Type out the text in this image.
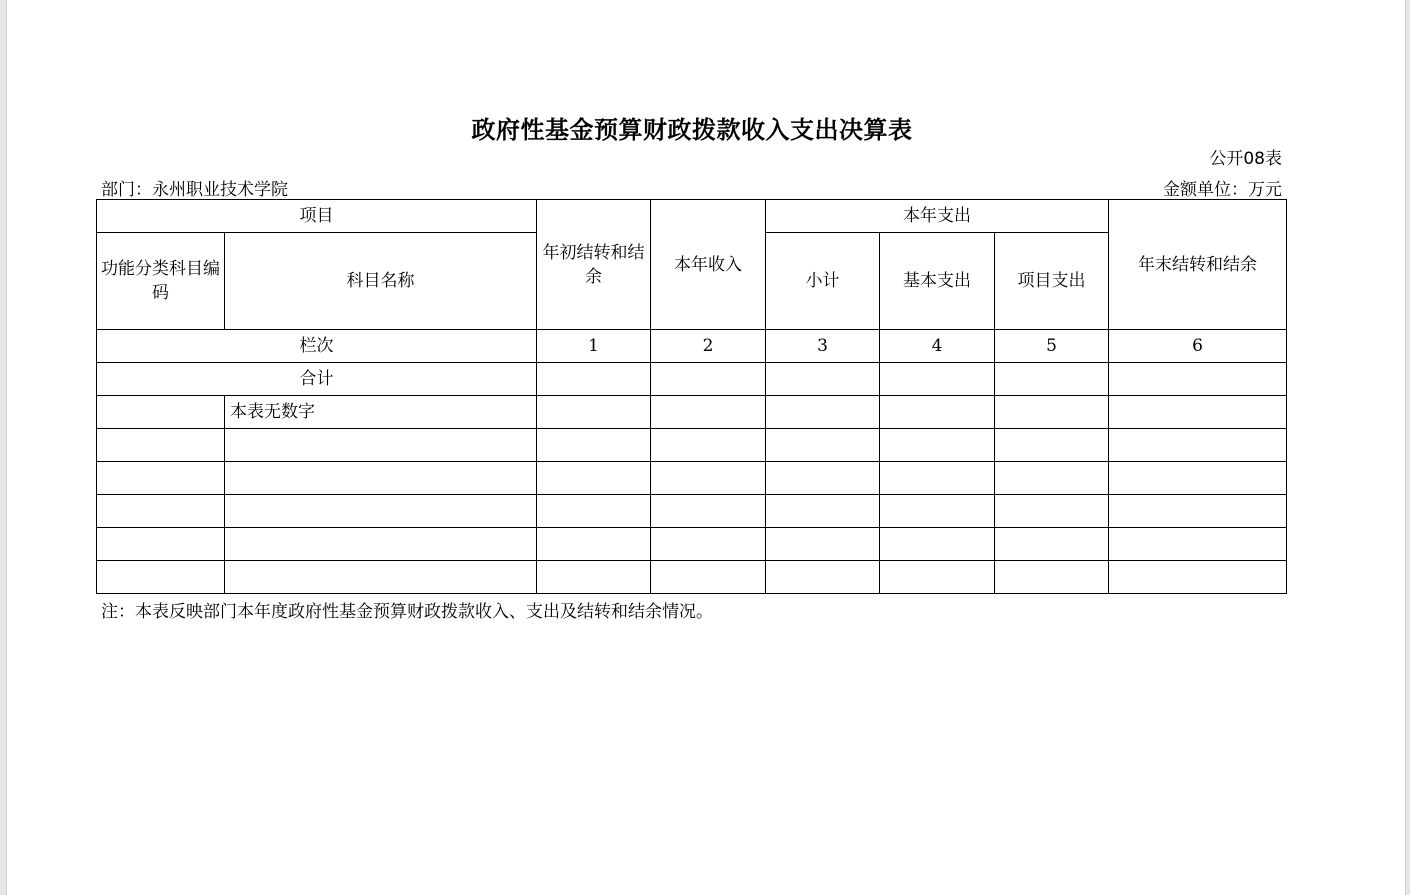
政府性基金预算财政拨款收入支出决算表
公开08表
部门：永州职业技术学院	金额单位：万元
项目		年初结转和结余	本年收入	本年支出			年末结转和结余
功能分类科目编码	科目名称			小计	基本支出	项目支出	
栏次		1	2	3	4	5	6
合计							
	本表无数字						

注：本表反映部门本年度政府性基金预算财政拨款收入、支出及结转和结余情况。
